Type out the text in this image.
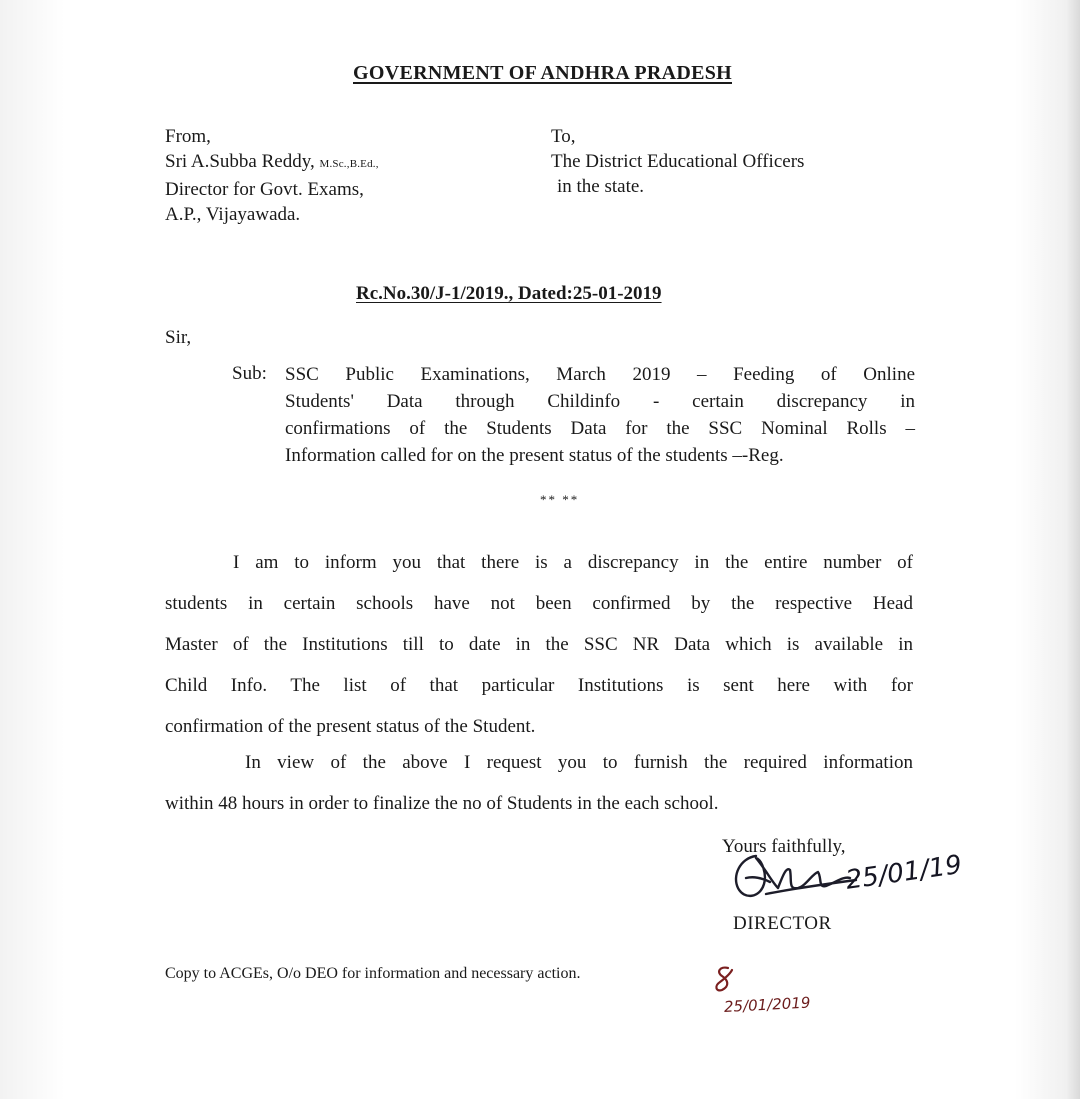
GOVERNMENT OF ANDHRA PRADESH
From,
Sri A.Subba Reddy, M.Sc.,B.Ed.,
Director for Govt. Exams,
A.P., Vijayawada.
To,
The District Educational Officers
in the state.
Rc.No.30/J-1/2019., Dated:25-01-2019
Sir,
Sub: SSC Public Examinations, March 2019 – Feeding of Online
Students' Data through Childinfo - certain discrepancy in
confirmations of the Students Data for the SSC Nominal Rolls –
Information called for on the present status of the students –-Reg.
** **
I am to inform you that there is a discrepancy in the entire number of
students in certain schools have not been confirmed by the respective Head
Master of the Institutions till to date in the SSC NR Data which is available in
Child Info. The list of that particular Institutions is sent here with for
confirmation of the present status of the Student.
In view of the above I request you to furnish the required information
within 48 hours in order to finalize the no of Students in the each school.
Yours faithfully,
25/01/19
DIRECTOR
Copy to ACGEs, O/o DEO for information and necessary action.
25/01/2019
